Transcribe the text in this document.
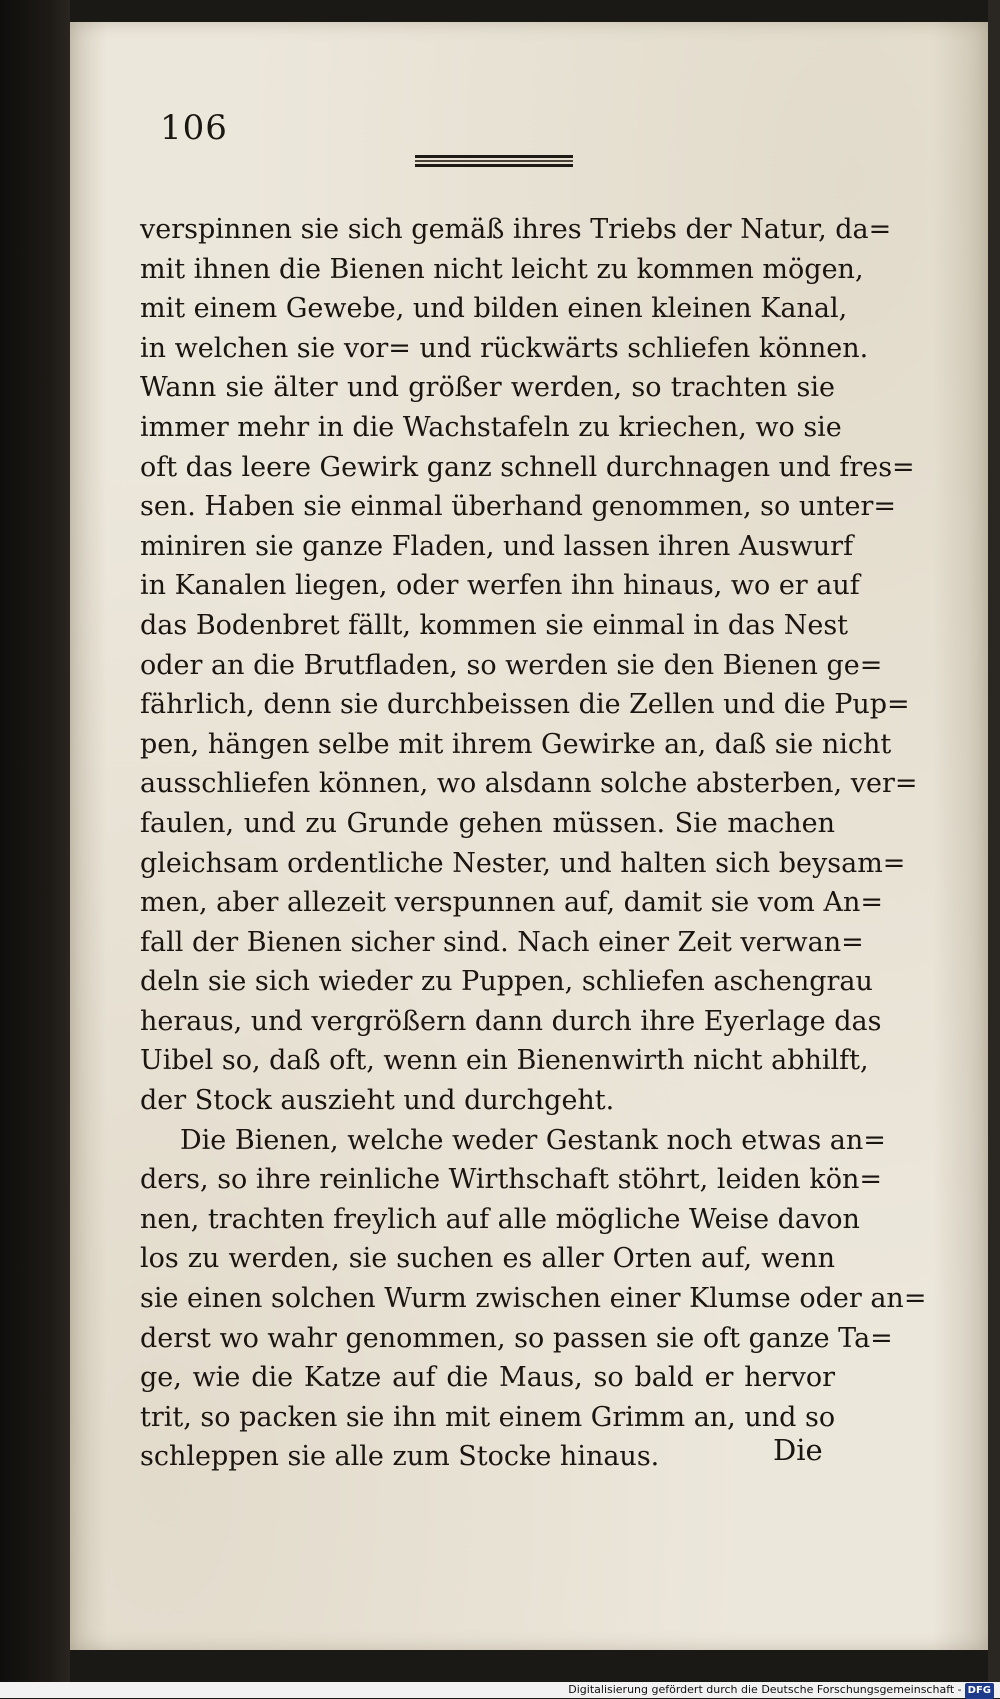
106
verspinnen sie sich gemäß ihres Triebs der Natur, da=
mit ihnen die Bienen nicht leicht zu kommen mögen,
mit einem Gewebe, und bilden einen kleinen Kanal,
in welchen sie vor= und rückwärts schliefen können.
Wann sie älter und größer werden, so trachten sie
immer mehr in die Wachstafeln zu kriechen, wo sie
oft das leere Gewirk ganz schnell durchnagen und fres=
sen. Haben sie einmal überhand genommen, so unter=
miniren sie ganze Fladen, und lassen ihren Auswurf
in Kanalen liegen, oder werfen ihn hinaus, wo er auf
das Bodenbret fällt, kommen sie einmal in das Nest
oder an die Brutfladen, so werden sie den Bienen ge=
fährlich, denn sie durchbeissen die Zellen und die Pup=
pen, hängen selbe mit ihrem Gewirke an, daß sie nicht
ausschliefen können, wo alsdann solche absterben, ver=
faulen, und zu Grunde gehen müssen. Sie machen
gleichsam ordentliche Nester, und halten sich beysam=
men, aber allezeit verspunnen auf, damit sie vom An=
fall der Bienen sicher sind. Nach einer Zeit verwan=
deln sie sich wieder zu Puppen, schliefen aschengrau
heraus, und vergrößern dann durch ihre Eyerlage das
Uibel so, daß oft, wenn ein Bienenwirth nicht abhilft,
der Stock auszieht und durchgeht.
Die Bienen, welche weder Gestank noch etwas an=
ders, so ihre reinliche Wirthschaft stöhrt, leiden kön=
nen, trachten freylich auf alle mögliche Weise davon
los zu werden, sie suchen es aller Orten auf, wenn
sie einen solchen Wurm zwischen einer Klumse oder an=
derst wo wahr genommen, so passen sie oft ganze Ta=
ge, wie die Katze auf die Maus, so bald er hervor
trit, so packen sie ihn mit einem Grimm an, und so
schleppen sie alle zum Stocke hinaus.	Die
Digitalisierung gefördert durch die Deutsche Forschungsgemeinschaft - DFG
